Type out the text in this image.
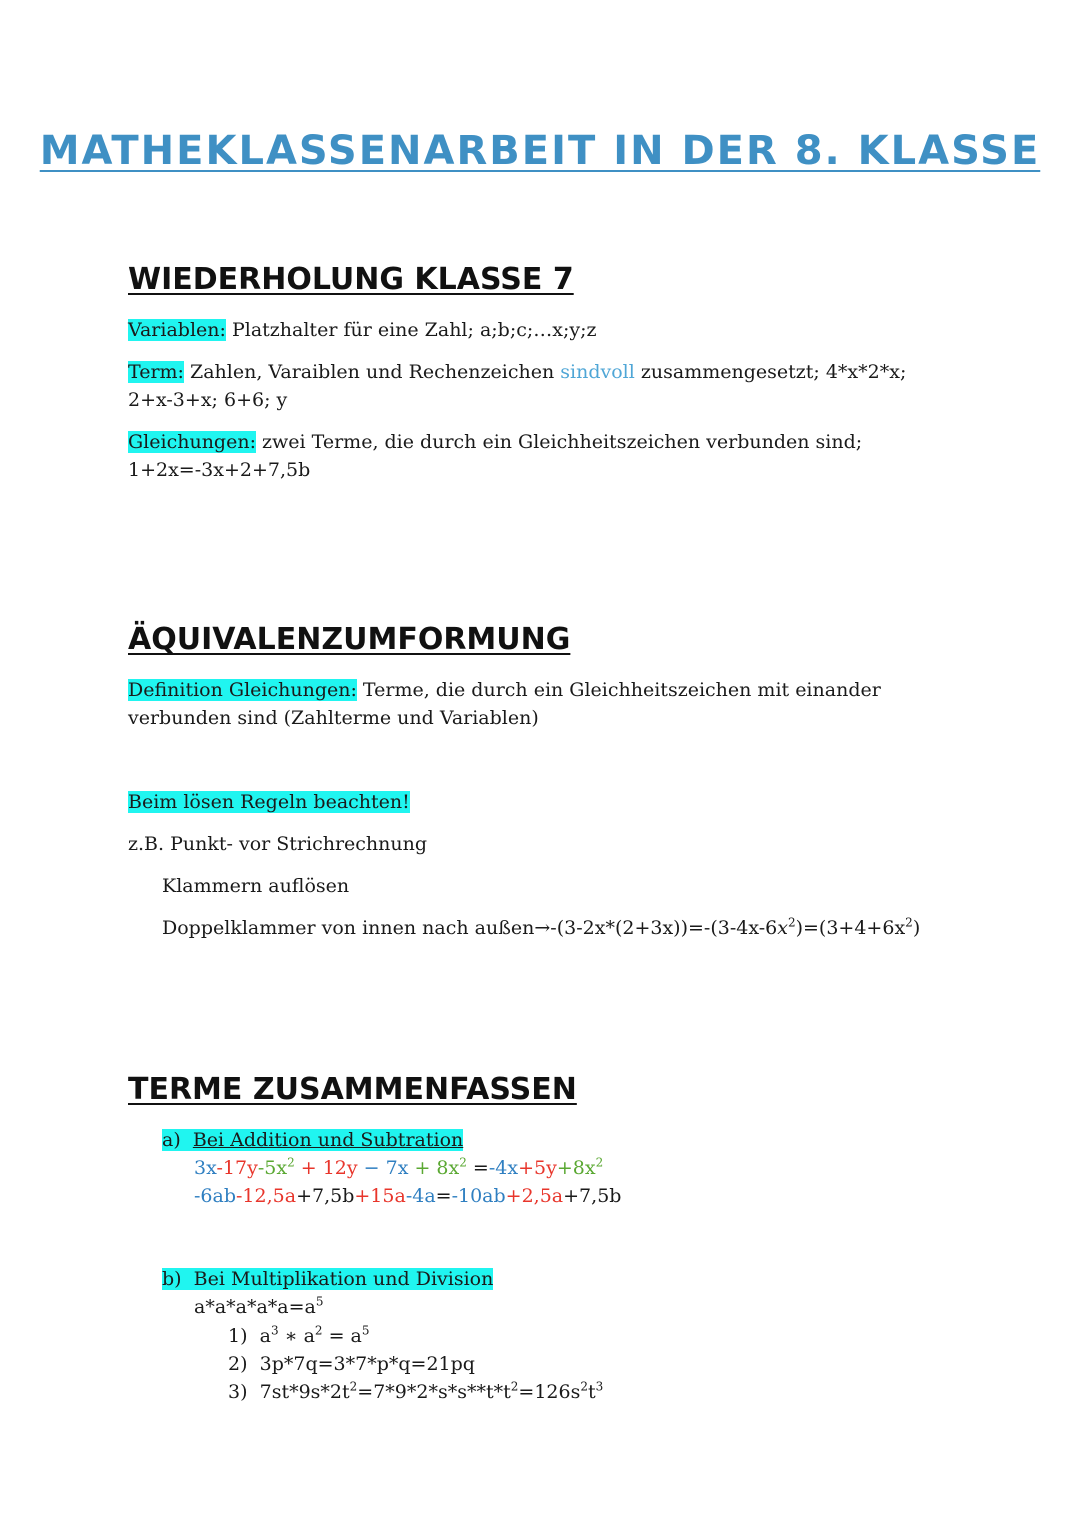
MATHEKLASSENARBEIT IN DER 8. KLASSE
WIEDERHOLUNG KLASSE 7
Variablen: Platzhalter für eine Zahl; a;b;c;…x;y;z
Term: Zahlen, Varaiblen und Rechenzeichen sindvoll zusammengesetzt; 4*x*2*x; 2+x-3+x; 6+6; y
Gleichungen: zwei Terme, die durch ein Gleichheitszeichen verbunden sind; 1+2x=-3x+2+7,5b
ÄQUIVALENZUMFORMUNG
Definition Gleichungen: Terme, die durch ein Gleichheitszeichen mit einander verbunden sind (Zahlterme und Variablen)
Beim lösen Regeln beachten!
z.B. Punkt- vor Strichrechnung
Klammern auflösen
Doppelklammer von innen nach $außen\to-(3-2x*(2+3x))=-(3-4x-6x^2)=(3+4+6x^2)$
TERME ZUSAMMENFASSEN
a) Bei Addition und Subtration
$3x-17y-5x^2 + 12y - 7x + 8x^2 =-4x+5y+8x^2$
-6ab-12,5a+7,5b+15a-4a=-10ab+2,5a+7,5b
b) Bei Multiplikation und Division
$a*a*a*a*a=a^5$
1) $a^3$ ∗ $a^2 = a^5$
2) 3p*7q=3*7*p*q=21pq
3) $7st*9s*2t^2=7*9*2*s*s**t*t^2=126s^2t^3$
